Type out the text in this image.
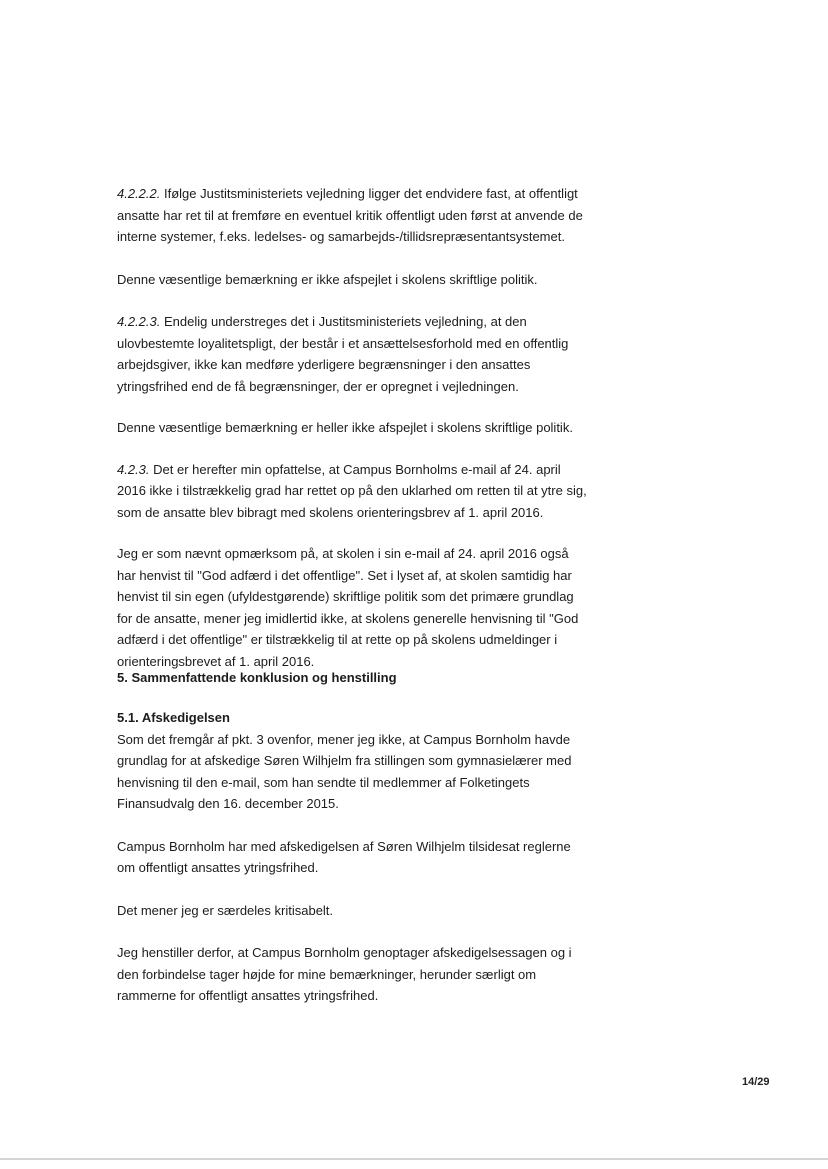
4.2.2.2. Ifølge Justitsministeriets vejledning ligger det endvidere fast, at offentligt ansatte har ret til at fremføre en eventuel kritik offentligt uden først at anvende de interne systemer, f.eks. ledelses- og samarbejds-/tillidsrepræsentantsystemet.

Denne væsentlige bemærkning er ikke afspejlet i skolens skriftlige politik.

4.2.2.3. Endelig understreges det i Justitsministeriets vejledning, at den ulovbestemte loyalitetspligt, der består i et ansættelsesforhold med en offentlig arbejdsgiver, ikke kan medføre yderligere begrænsninger i den ansattes ytringsfrihed end de få begrænsninger, der er opregnet i vejledningen.

Denne væsentlige bemærkning er heller ikke afspejlet i skolens skriftlige politik.

4.2.3. Det er herefter min opfattelse, at Campus Bornholms e-mail af 24. april 2016 ikke i tilstrækkelig grad har rettet op på den uklarhed om retten til at ytre sig, som de ansatte blev bibragt med skolens orienteringsbrev af 1. april 2016.

Jeg er som nævnt opmærksom på, at skolen i sin e-mail af 24. april 2016 også har henvist til "God adfærd i det offentlige". Set i lyset af, at skolen samtidig har henvist til sin egen (ufyldestgørende) skriftlige politik som det primære grundlag for de ansatte, mener jeg imidlertid ikke, at skolens generelle henvisning til "God adfærd i det offentlige" er tilstrækkelig til at rette op på skolens udmeldinger i orienteringsbrevet af 1. april 2016.

5. Sammenfattende konklusion og henstilling

5.1. Afskedigelsen

Som det fremgår af pkt. 3 ovenfor, mener jeg ikke, at Campus Bornholm havde grundlag for at afskedige Søren Wilhjelm fra stillingen som gymnasielærer med henvisning til den e-mail, som han sendte til medlemmer af Folketingets Finansudvalg den 16. december 2015.

Campus Bornholm har med afskedigelsen af Søren Wilhjelm tilsidesat reglerne om offentligt ansattes ytringsfrihed.

Det mener jeg er særdeles kritisabelt.

Jeg henstiller derfor, at Campus Bornholm genoptager afskedigelsessagen og i den forbindelse tager højde for mine bemærkninger, herunder særligt om rammerne for offentligt ansattes ytringsfrihed.

14/29
